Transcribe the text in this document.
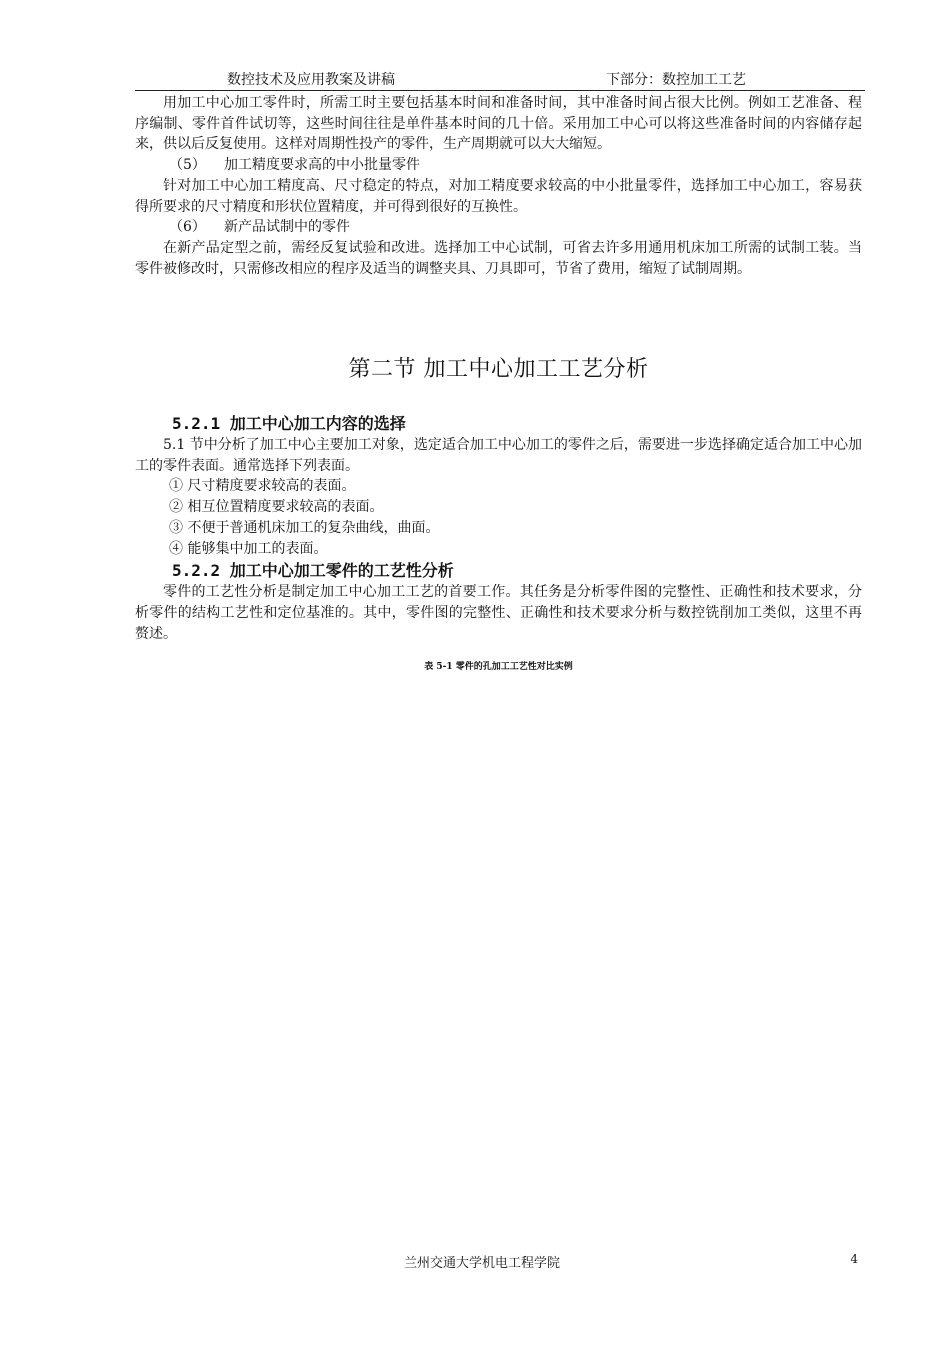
数控技术及应用教案及讲稿	下部分：数控加工工艺

用加工中心加工零件时，所需工时主要包括基本时间和准备时间，其中准备时间占很大比例。例如工艺准备、程序编制、零件首件试切等，这些时间往往是单件基本时间的几十倍。采用加工中心可以将这些准备时间的内容储存起来，供以后反复使用。这样对周期性投产的零件，生产周期就可以大大缩短。

（5） 加工精度要求高的中小批量零件

针对加工中心加工精度高、尺寸稳定的特点，对加工精度要求较高的中小批量零件，选择加工中心加工，容易获得所要求的尺寸精度和形状位置精度，并可得到很好的互换性。

（6） 新产品试制中的零件

在新产品定型之前，需经反复试验和改进。选择加工中心试制，可省去许多用通用机床加工所需的试制工装。当零件被修改时，只需修改相应的程序及适当的调整夹具、刀具即可，节省了费用，缩短了试制周期。

第二节 加工中心加工工艺分析

5.2.1 加工中心加工内容的选择

5.1 节中分析了加工中心主要加工对象，选定适合加工中心加工的零件之后，需要进一步选择确定适合加工中心加工的零件表面。通常选择下列表面。

① 尺寸精度要求较高的表面。

② 相互位置精度要求较高的表面。

③ 不便于普通机床加工的复杂曲线，曲面。

④ 能够集中加工的表面。

5.2.2 加工中心加工零件的工艺性分析

零件的工艺性分析是制定加工中心加工工艺的首要工作。其任务是分析零件图的完整性、正确性和技术要求，分析零件的结构工艺性和定位基准的。其中，零件图的完整性、正确性和技术要求分析与数控铣削加工类似，这里不再赘述。

表 5-1 零件的孔加工工艺性对比实例
兰州交通大学机电工程学院	4
